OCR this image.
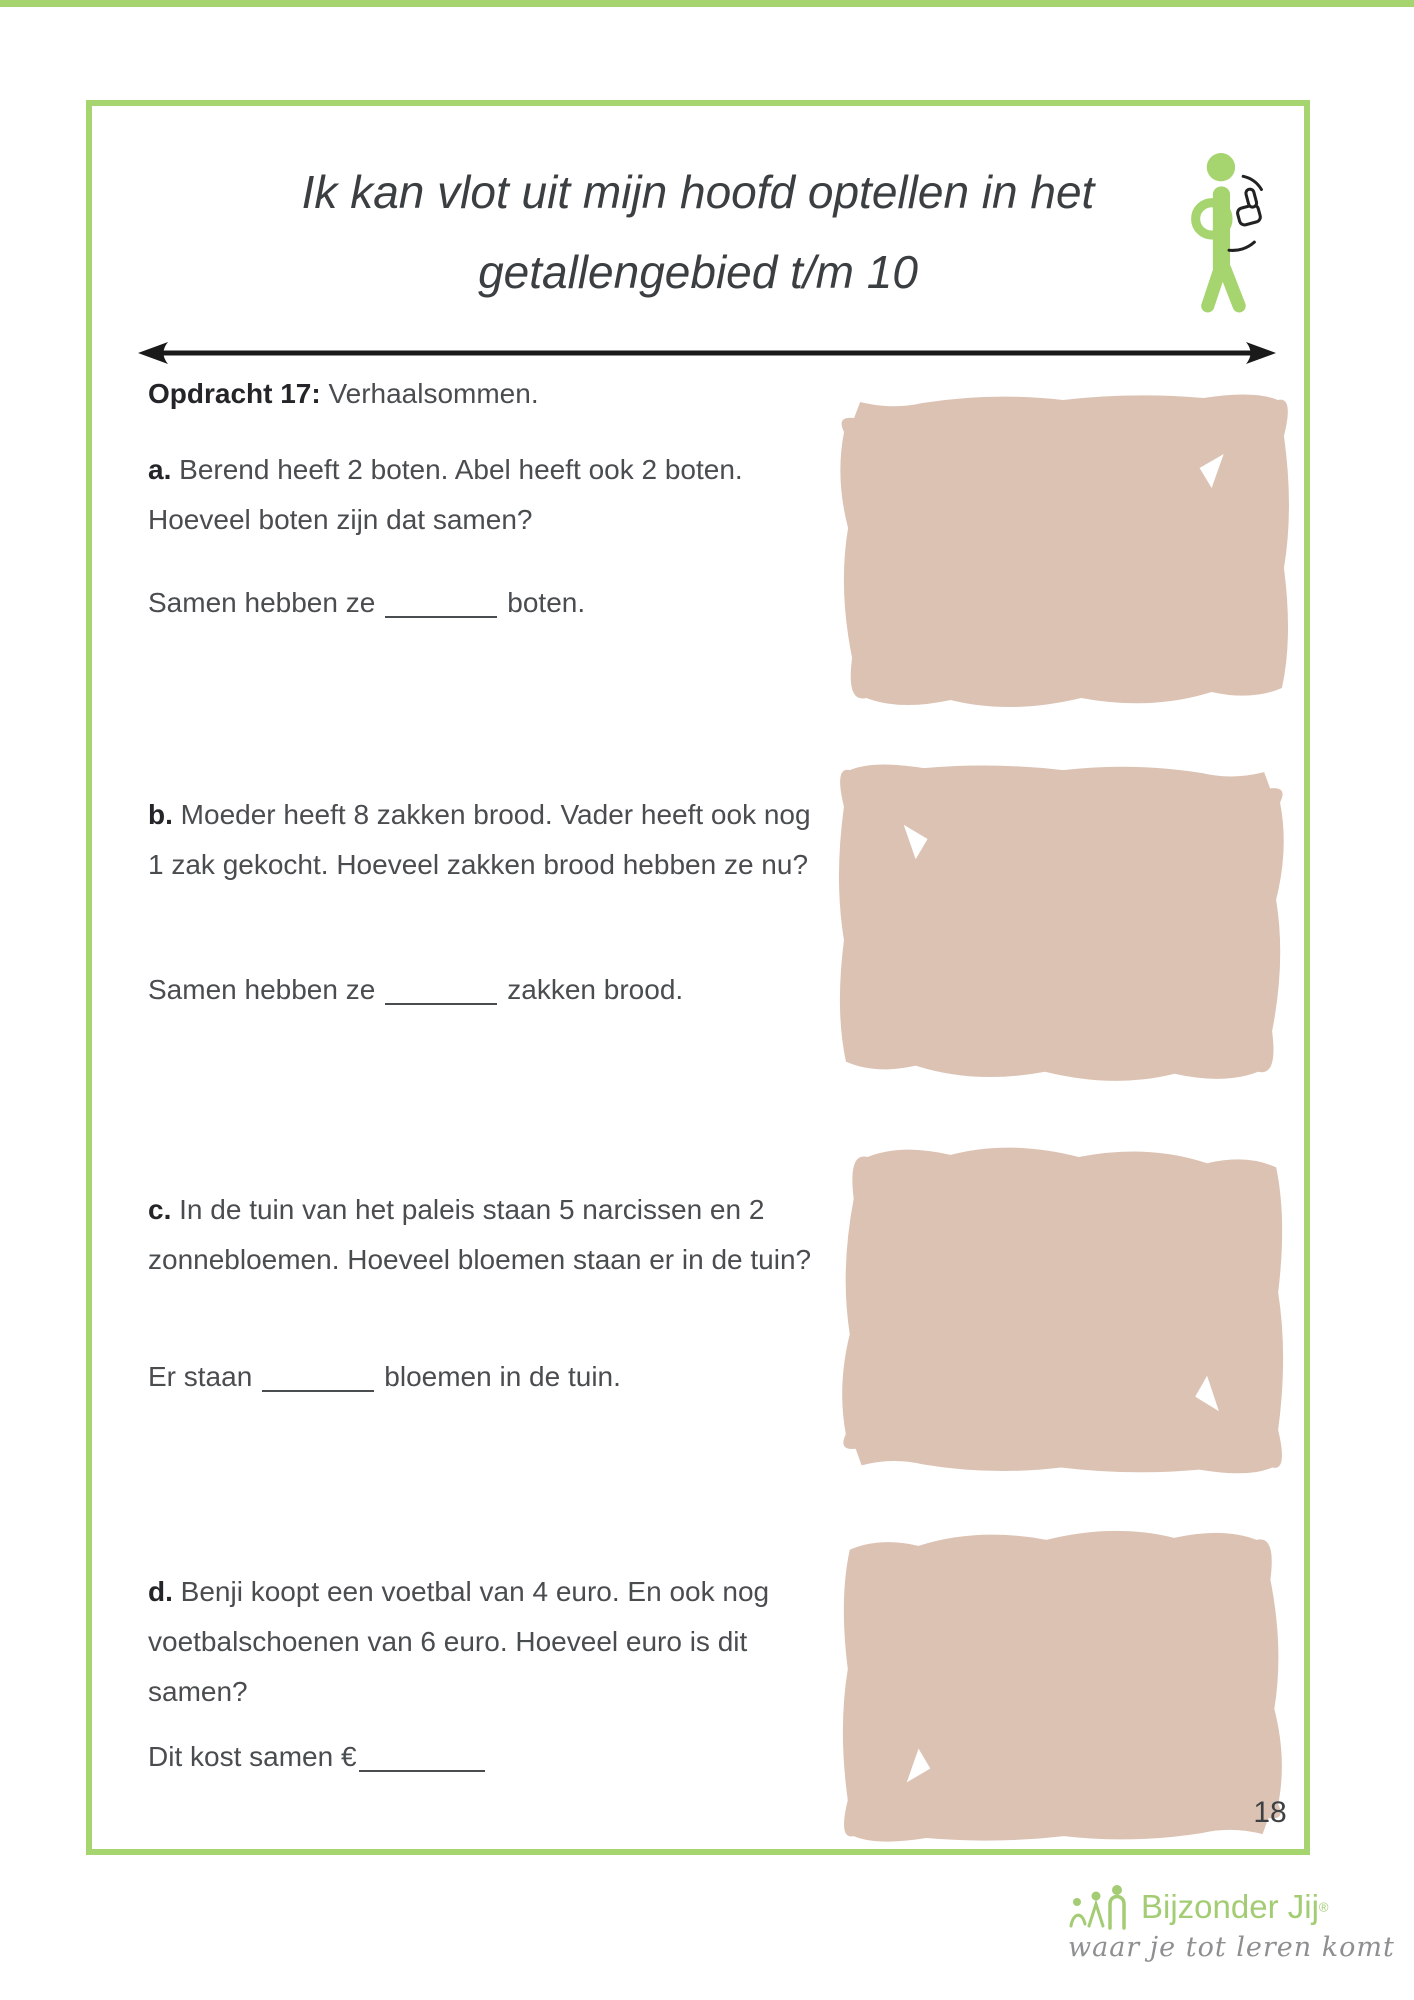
Ik kan vlot uit mijn hoofd optellen in het
getallengebied t/m 10
Opdracht 17: Verhaalsommen.
a. Berend heeft 2 boten. Abel heeft ook 2 boten. Hoeveel boten zijn dat samen?
Samen hebben ze	boten.
b. Moeder heeft 8 zakken brood. Vader heeft ook nog 1 zak gekocht. Hoeveel zakken brood hebben ze nu?
Samen hebben ze	zakken brood.
c. In de tuin van het paleis staan 5 narcissen en 2 zonnebloemen. Hoeveel bloemen staan er in de tuin?
Er staan	bloemen in de tuin.
d. Benji koopt een voetbal van 4 euro. En ook nog voetbalschoenen van 6 euro. Hoeveel euro is dit samen?
Dit kost samen €
18
Bijzonder Jij®
waar je tot leren komt
